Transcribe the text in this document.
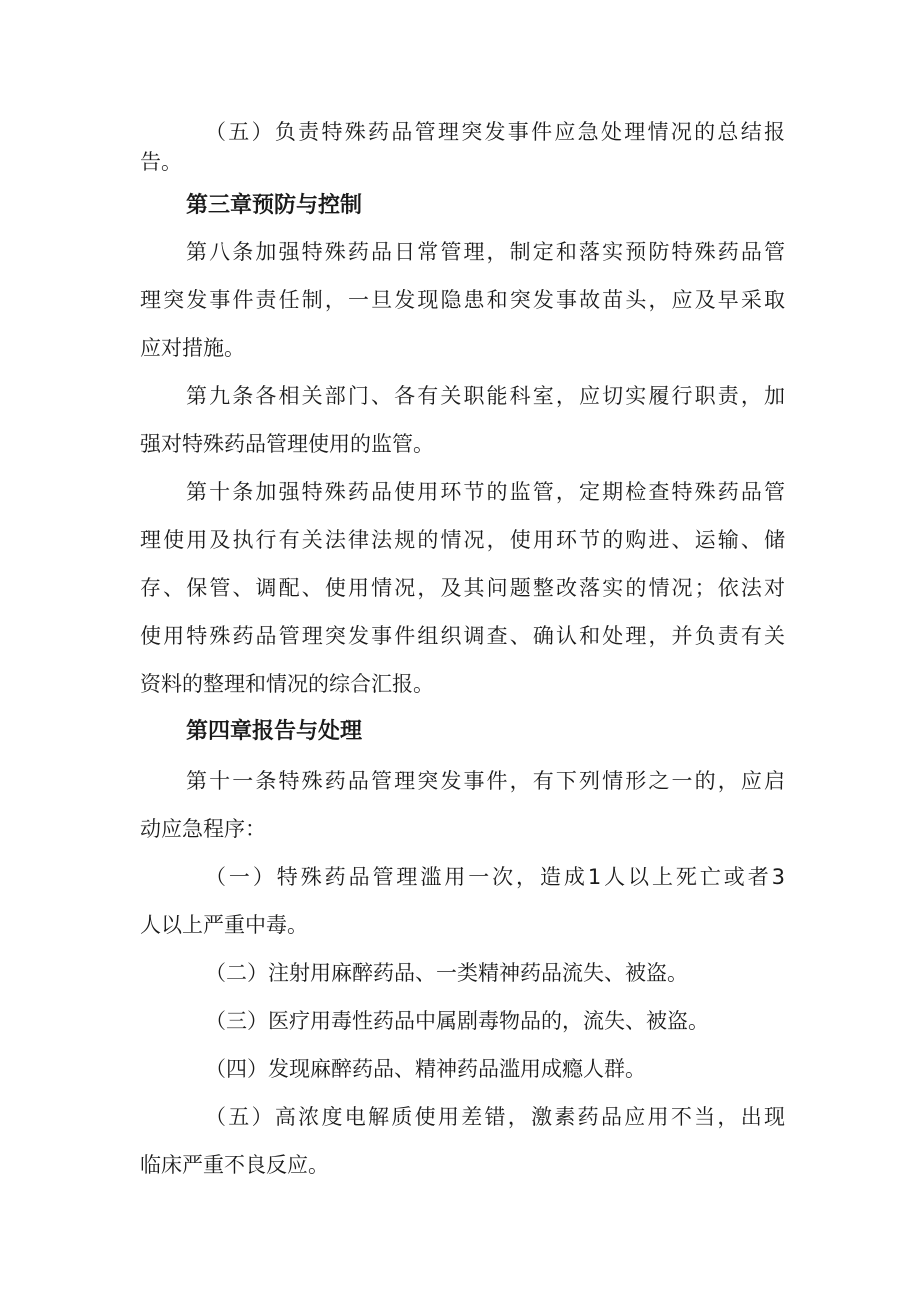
（五）负责特殊药品管理突发事件应急处理情况的总结报
告。
第三章预防与控制
第八条加强特殊药品日常管理，制定和落实预防特殊药品管
理突发事件责任制，一旦发现隐患和突发事故苗头，应及早采取
应对措施。
第九条各相关部门、各有关职能科室，应切实履行职责，加
强对特殊药品管理使用的监管。
第十条加强特殊药品使用环节的监管，定期检查特殊药品管
理使用及执行有关法律法规的情况，使用环节的购进、运输、储
存、保管、调配、使用情况，及其问题整改落实的情况；依法对
使用特殊药品管理突发事件组织调查、确认和处理，并负责有关
资料的整理和情况的综合汇报。
第四章报告与处理
第十一条特殊药品管理突发事件，有下列情形之一的，应启
动应急程序：
（一）特殊药品管理滥用一次，造成1人以上死亡或者3
人以上严重中毒。
（二）注射用麻醉药品、一类精神药品流失、被盗。
（三）医疗用毒性药品中属剧毒物品的，流失、被盗。
（四）发现麻醉药品、精神药品滥用成瘾人群。
（五）高浓度电解质使用差错，激素药品应用不当，出现
临床严重不良反应。
